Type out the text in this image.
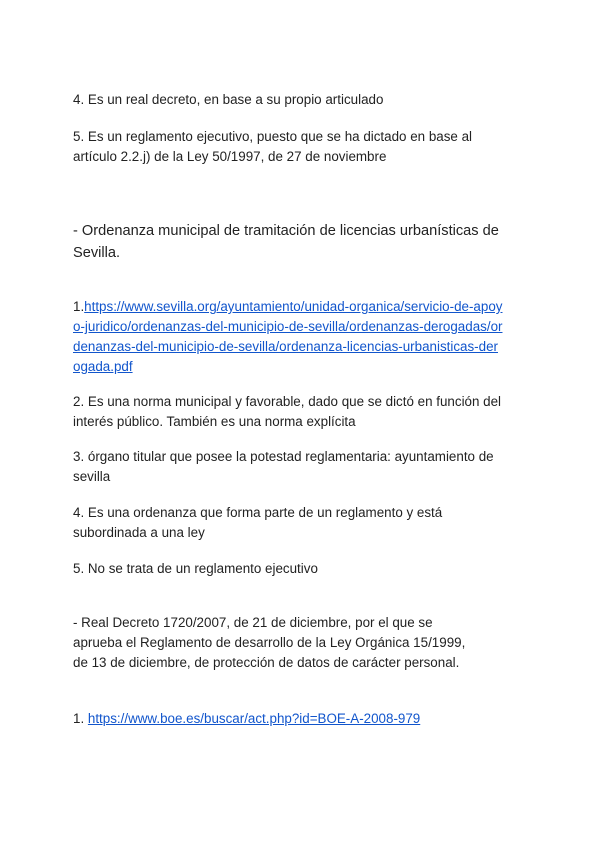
4. Es un real decreto, en base a su propio articulado
5. Es un reglamento ejecutivo, puesto que se ha dictado en base al
artículo 2.2.j) de la Ley 50/1997, de 27 de noviembre
- Ordenanza municipal de tramitación de licencias urbanísticas de
Sevilla.

1.https://www.sevilla.org/ayuntamiento/unidad-organica/servicio-de-apoy
o-juridico/ordenanzas-del-municipio-de-sevilla/ordenanzas-derogadas/or
denanzas-del-municipio-de-sevilla/ordenanza-licencias-urbanisticas-der
ogada.pdf

2. Es una norma municipal y favorable, dado que se dictó en función del
interés público. También es una norma explícita
3. órgano titular que posee la potestad reglamentaria: ayuntamiento de
sevilla
4. Es una ordenanza que forma parte de un reglamento y está
subordinada a una ley
5. No se trata de un reglamento ejecutivo
- Real Decreto 1720/2007, de 21 de diciembre, por el que se
aprueba el Reglamento de desarrollo de la Ley Orgánica 15/1999,
de 13 de diciembre, de protección de datos de carácter personal.

1. https://www.boe.es/buscar/act.php?id=BOE-A-2008-979
